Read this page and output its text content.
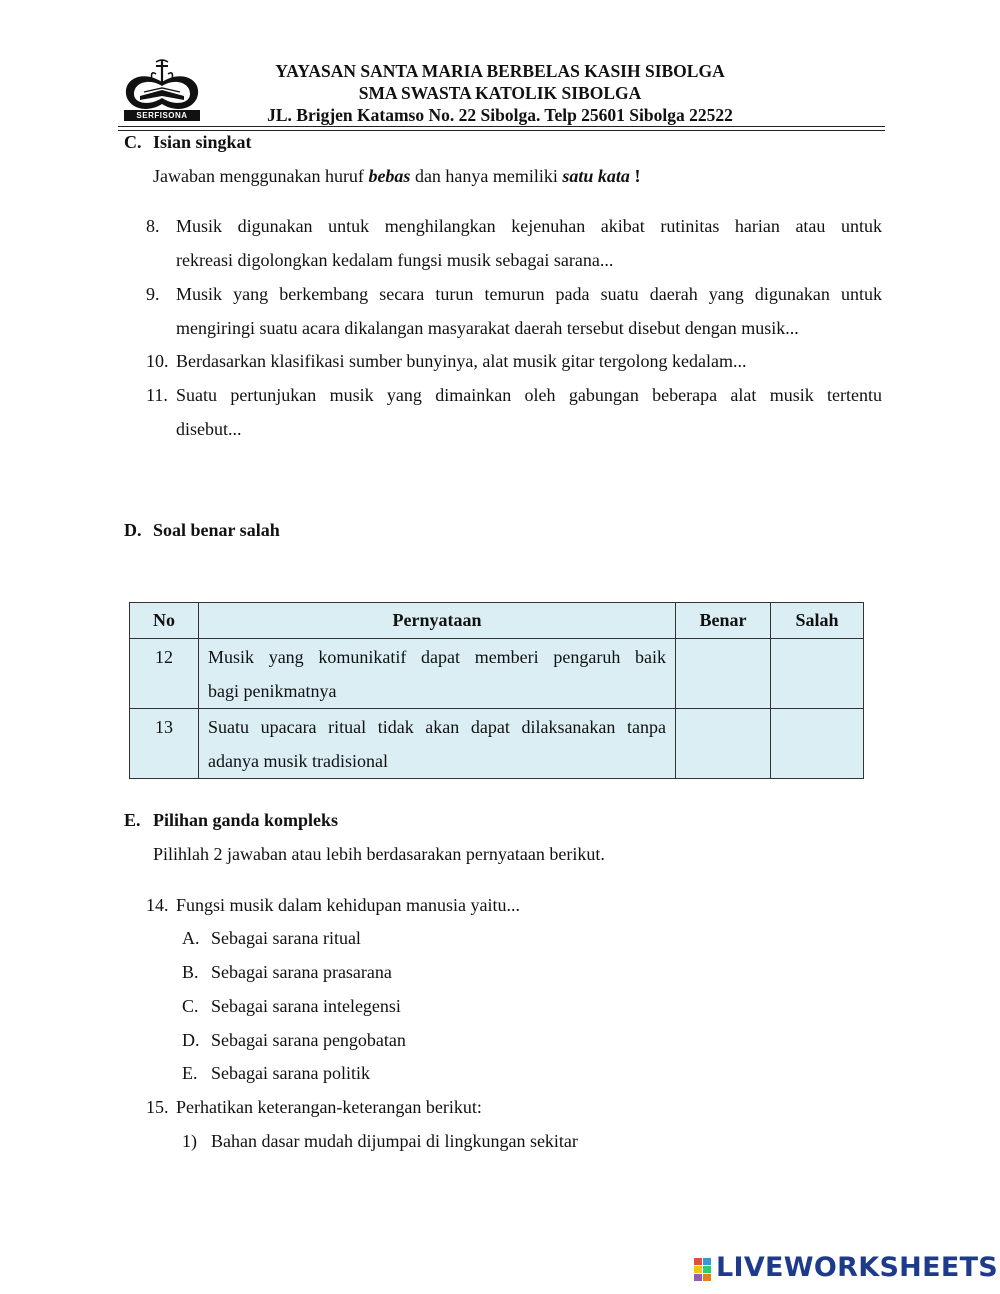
SERFISONA
YAYASAN SANTA MARIA BERBELAS KASIH SIBOLGA
SMA SWASTA KATOLIK SIBOLGA
JL. Brigjen Katamso No. 22 Sibolga. Telp 25601 Sibolga 22522
C. Isian singkat
Jawaban menggunakan huruf bebas dan hanya memiliki satu kata !
8. Musik digunakan untuk menghilangkan kejenuhan akibat rutinitas harian atau untuk
rekreasi digolongkan kedalam fungsi musik sebagai sarana...
9. Musik yang berkembang secara turun temurun pada suatu daerah yang digunakan untuk
mengiringi suatu acara dikalangan masyarakat daerah tersebut disebut dengan musik...
10. Berdasarkan klasifikasi sumber bunyinya, alat musik gitar tergolong kedalam...
11. Suatu pertunjukan musik yang dimainkan oleh gabungan beberapa alat musik tertentu
disebut...
D. Soal benar salah
No	Pernyataan	Benar	Salah
12	Musik yang komunikatif dapat memberi pengaruh baik
bagi penikmatnya		
13	Suatu upacara ritual tidak akan dapat dilaksanakan tanpa
adanya musik tradisional		
E. Pilihan ganda kompleks
Pilihlah 2 jawaban atau lebih berdasarakan pernyataan berikut.
14. Fungsi musik dalam kehidupan manusia yaitu...
A. Sebagai sarana ritual
B. Sebagai sarana prasarana
C. Sebagai sarana intelegensi
D. Sebagai sarana pengobatan
E. Sebagai sarana politik
15. Perhatikan keterangan-keterangan berikut:
1) Bahan dasar mudah dijumpai di lingkungan sekitar
LIVEWORKSHEETS
